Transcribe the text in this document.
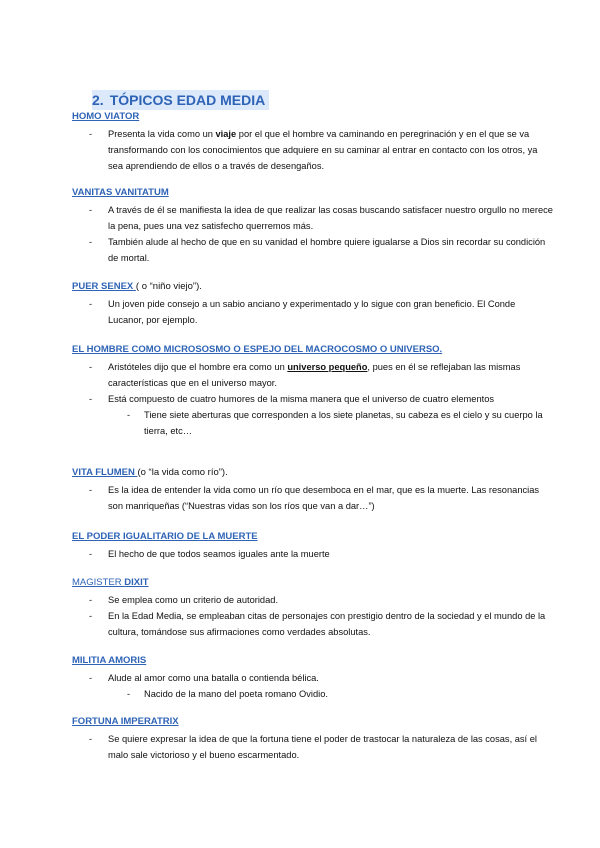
2. TÓPICOS EDAD MEDIA
HOMO VIATOR
- Presenta la vida como un viaje por el que el hombre va caminando en peregrinación y en el que se va transformando con los conocimientos que adquiere en su caminar al entrar en contacto con los otros, ya sea aprendiendo de ellos o a través de desengaños.
VANITAS VANITATUM
- A través de él se manifiesta la idea de que realizar las cosas buscando satisfacer nuestro orgullo no merece la pena, pues una vez satisfecho querremos más.
- También alude al hecho de que en su vanidad el hombre quiere igualarse a Dios sin recordar su condición de mortal.
PUER SENEX ( o “niño viejo”).
- Un joven pide consejo a un sabio anciano y experimentado y lo sigue con gran beneficio. El Conde Lucanor, por ejemplo.
EL HOMBRE COMO MICROSOSMO O ESPEJO DEL MACROCOSMO O UNIVERSO.
- Aristóteles dijo que el hombre era como un universo pequeño, pues en él se reflejaban las mismas características que en el universo mayor.
- Está compuesto de cuatro humores de la misma manera que el universo de cuatro elementos
- Tiene siete aberturas que corresponden a los siete planetas, su cabeza es el cielo y su cuerpo la tierra, etc…
VITA FLUMEN (o “la vida como río”).
- Es la idea de entender la vida como un río que desemboca en el mar, que es la muerte. Las resonancias son manriqueñas (“Nuestras vidas son los ríos que van a dar…”)
EL PODER IGUALITARIO DE LA MUERTE
- El hecho de que todos seamos iguales ante la muerte
MAGISTER DIXIT
- Se emplea como un criterio de autoridad.
- En la Edad Media, se empleaban citas de personajes con prestigio dentro de la sociedad y el mundo de la cultura, tomándose sus afirmaciones como verdades absolutas.
MILITIA AMORIS
- Alude al amor como una batalla o contienda bélica.
- Nacido de la mano del poeta romano Ovidio.
FORTUNA IMPERATRIX
- Se quiere expresar la idea de que la fortuna tiene el poder de trastocar la naturaleza de las cosas, así el malo sale victorioso y el bueno escarmentado.
